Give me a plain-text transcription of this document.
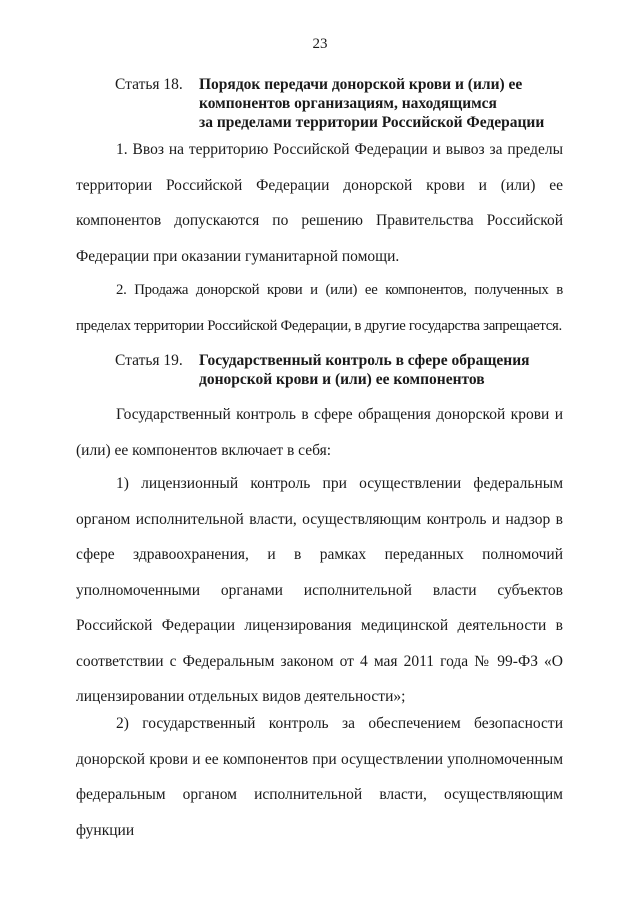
23
Статья 18. Порядок передачи донорской крови и (или) ее
компонентов организациям, находящимся
за пределами территории Российской Федерации

1. Ввоз на территорию Российской Федерации и вывоз за пределы территории Российской Федерации донорской крови и (или) ее компонентов допускаются по решению Правительства Российской Федерации при оказании гуманитарной помощи.

2. Продажа донорской крови и (или) ее компонентов, полученных в пределах территории Российской Федерации, в другие государства запрещается.

Статья 19. Государственный контроль в сфере обращения
донорской крови и (или) ее компонентов

Государственный контроль в сфере обращения донорской крови и (или) ее компонентов включает в себя:

1) лицензионный контроль при осуществлении федеральным органом исполнительной власти, осуществляющим контроль и надзор в сфере здравоохранения, и в рамках переданных полномочий уполномоченными органами исполнительной власти субъектов Российской Федерации лицензирования медицинской деятельности в соответствии с Федеральным законом от 4 мая 2011 года № 99-ФЗ «О лицензировании отдельных видов деятельности»;

2) государственный контроль за обеспечением безопасности донорской крови и ее компонентов при осуществлении уполномоченным федеральным органом исполнительной власти, осуществляющим функции
